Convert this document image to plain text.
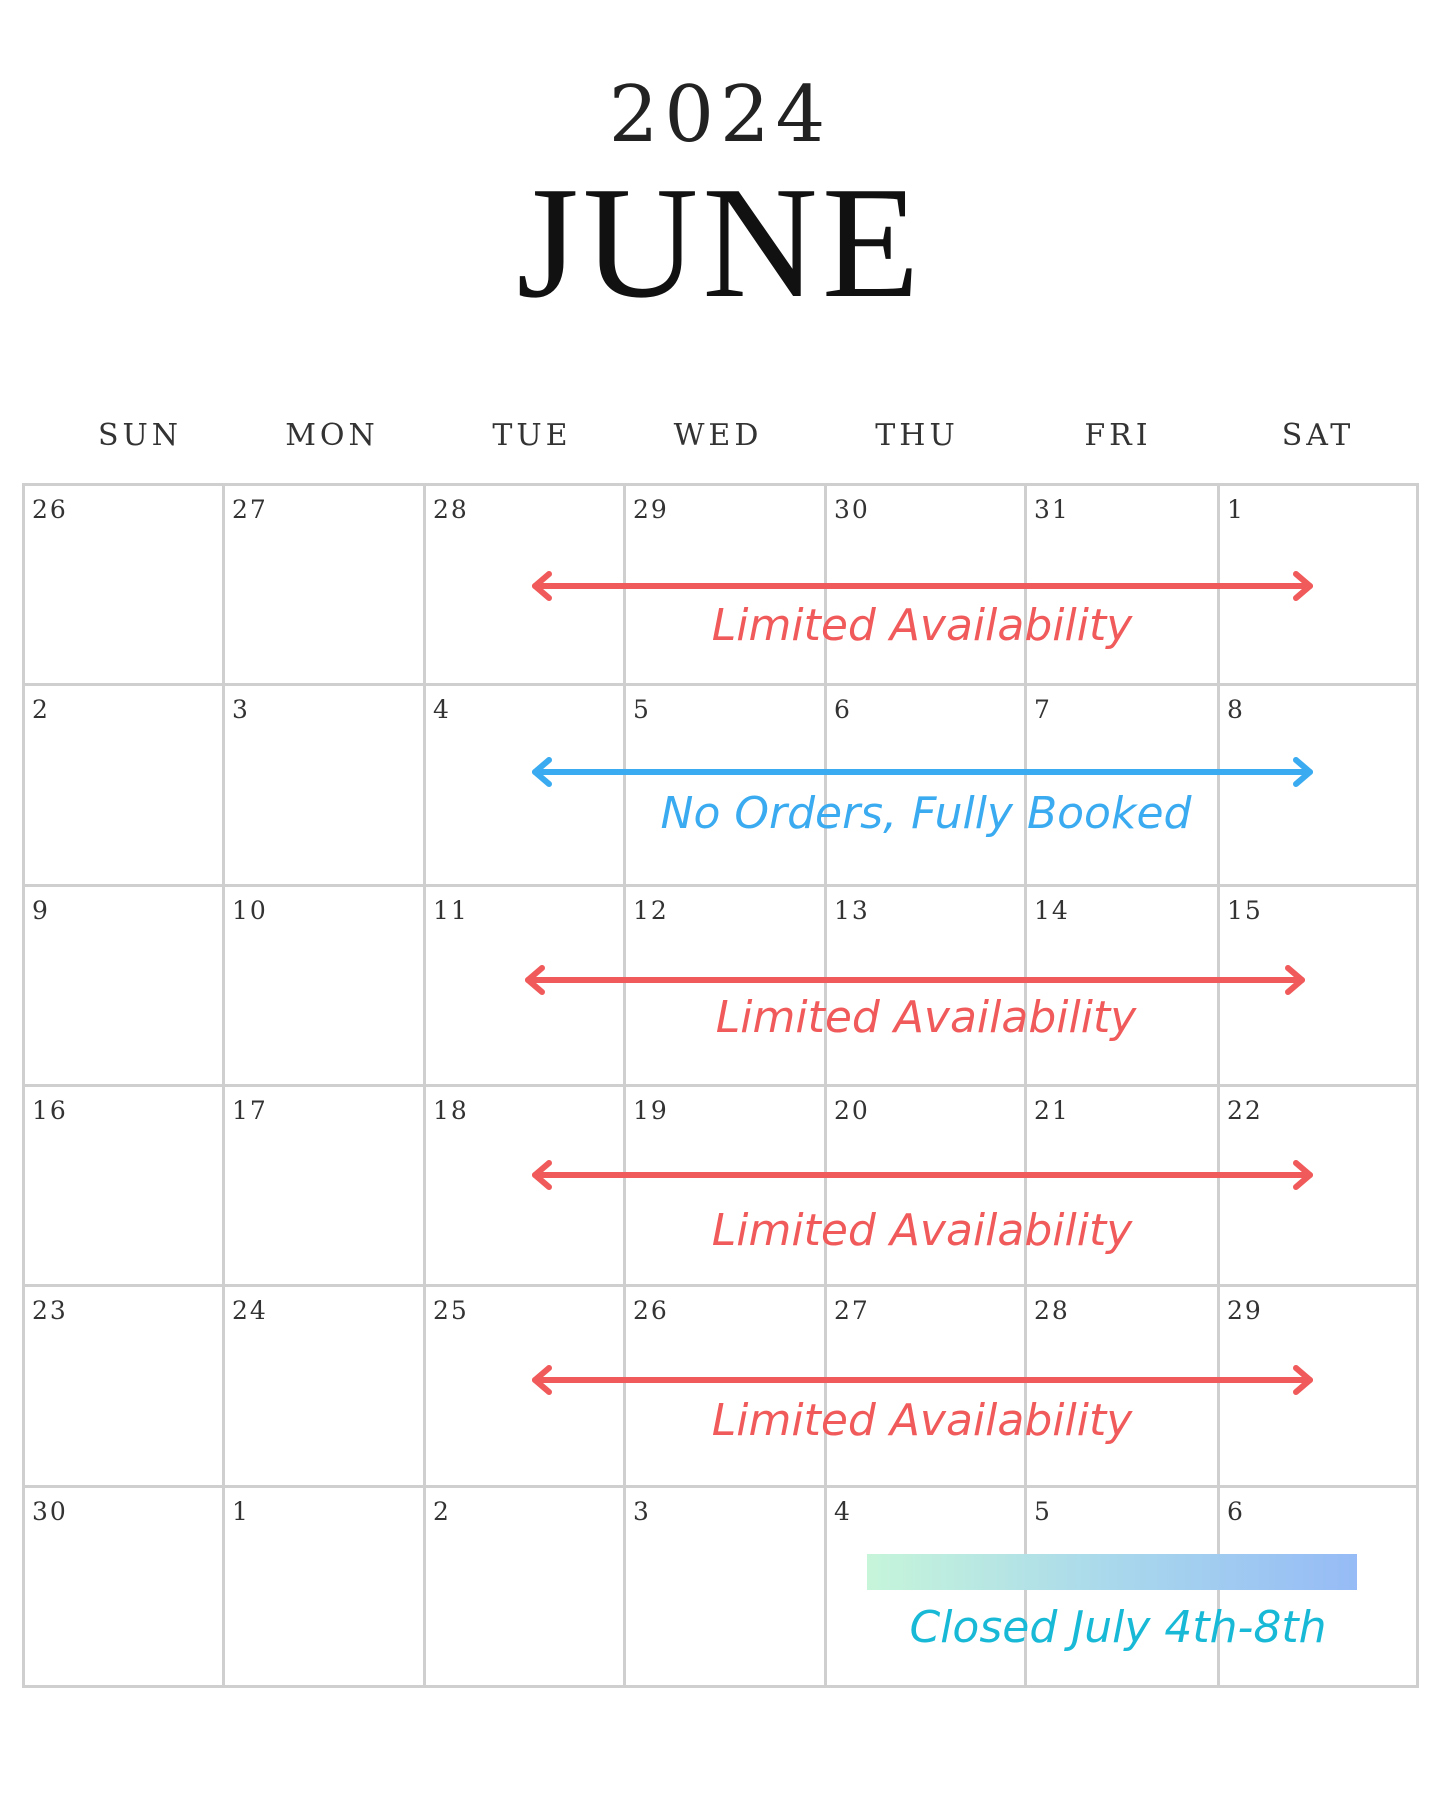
2024
JUNE
SUN	MON	TUE	WED	THU	FRI	SAT
26	27	28	29	30	31	1
2	3	4	5	6	7	8
9	10	11	12	13	14	15
16	17	18	19	20	21	22
23	24	25	26	27	28	29
30	1	2	3	4	5	6
Limited Availability
No Orders, Fully Booked
Limited Availability
Limited Availability
Limited Availability
Closed July 4th-8th
